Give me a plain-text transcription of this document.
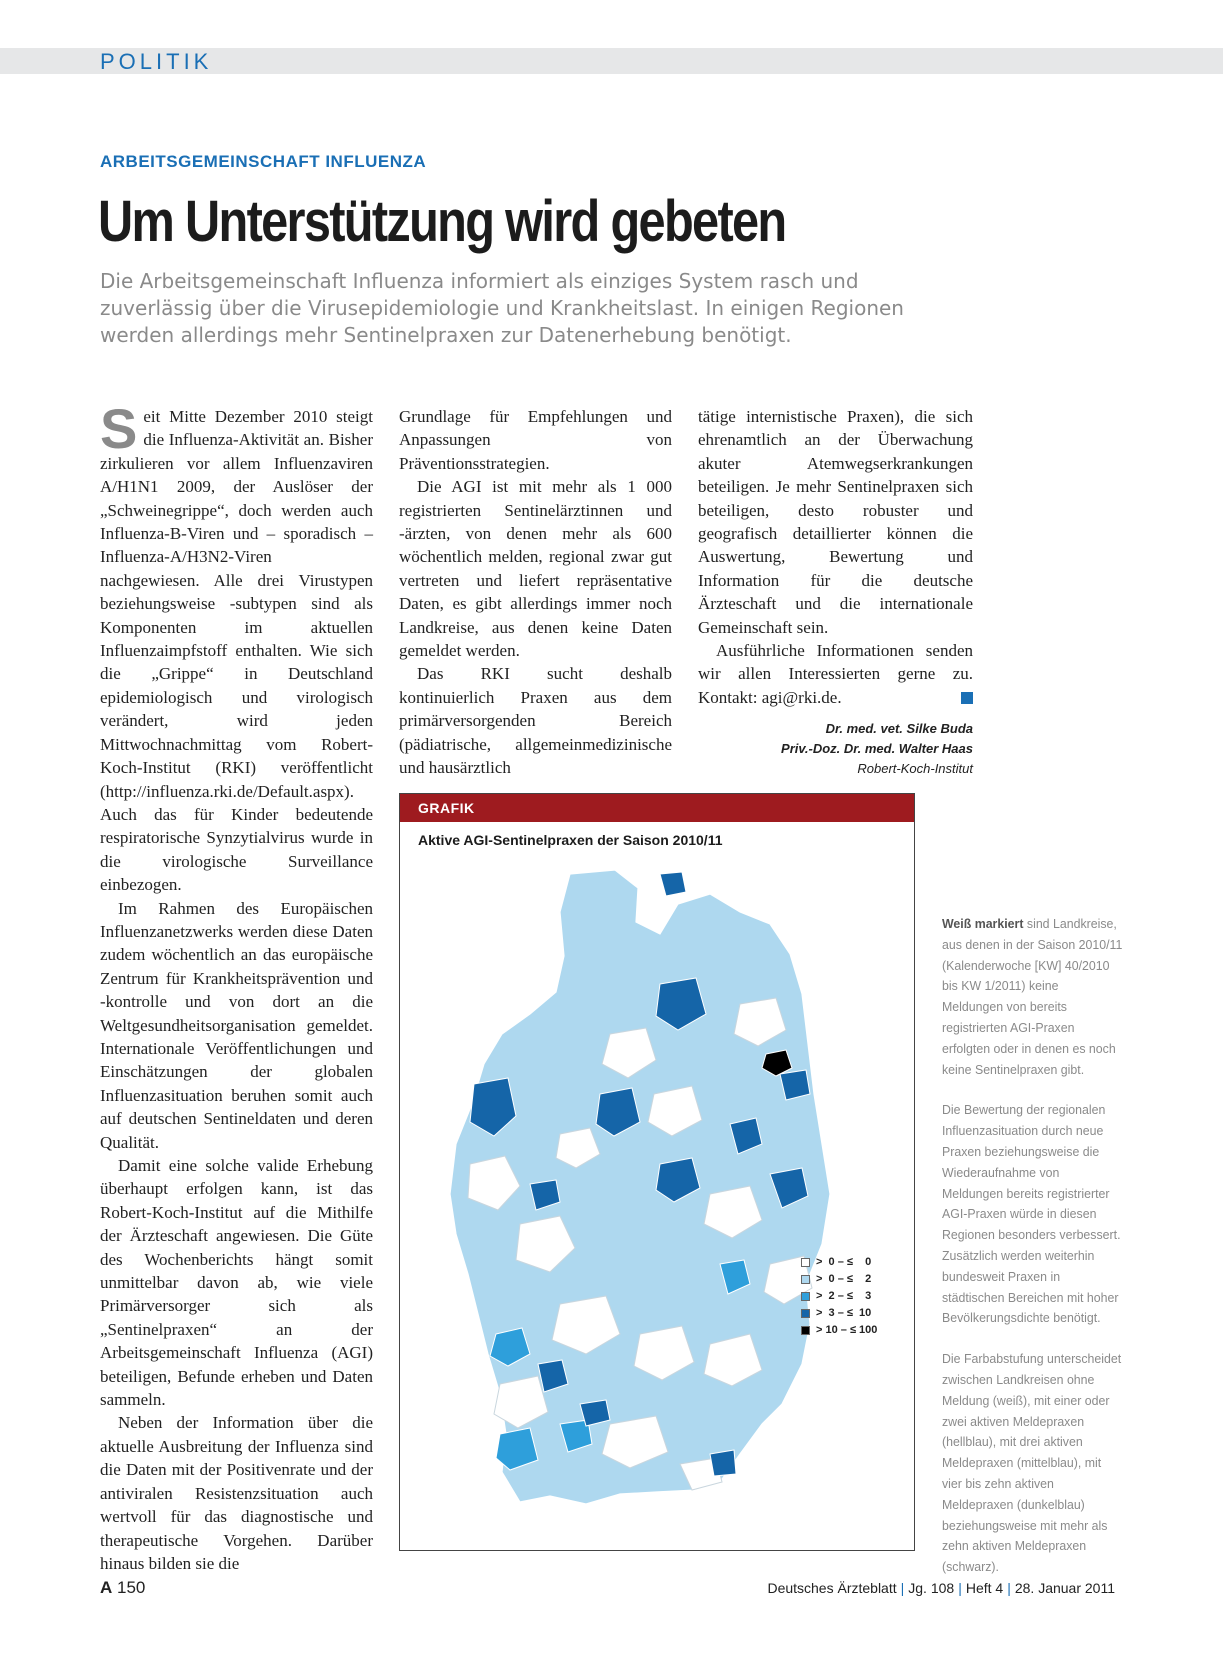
POLITIK
ARBEITSGEMEINSCHAFT INFLUENZA
Um Unterstützung wird gebeten
Die Arbeitsgemeinschaft Influenza informiert als einziges System rasch und zuverlässig über die Virusepidemiologie und Krankheitslast. In einigen Regionen werden allerdings mehr Sentinelpraxen zur Datenerhebung benötigt.
S eit Mitte Dezember 2010 steigt die Influenza-Aktivität an. Bisher zirkulieren vor allem Influenzaviren A/H1N1 2009, der Auslöser der „Schweinegrippe“, doch werden auch Influenza-B-Viren und – sporadisch – Influenza-A/H3N2-Viren nachgewiesen. Alle drei Virustypen beziehungsweise -subtypen sind als Komponenten im aktuellen Influenzaimpfstoff enthalten. Wie sich die „Grippe“ in Deutschland epidemiologisch und virologisch verändert, wird jeden Mittwochnachmittag vom Robert-Koch-Institut (RKI) veröffentlicht (http://influenza.rki.de/Default.aspx). Auch das für Kinder bedeutende respiratorische Synzytialvirus wurde in die virologische Surveillance einbezogen.

Im Rahmen des Europäischen Influenzanetzwerks werden diese Daten zudem wöchentlich an das europäische Zentrum für Krankheitsprävention und -kontrolle und von dort an die Weltgesundheitsorganisation gemeldet. Internationale Veröffentlichungen und Einschätzungen der globalen Influenzasituation beruhen somit auch auf deutschen Sentineldaten und deren Qualität.

Damit eine solche valide Erhebung überhaupt erfolgen kann, ist das Robert-Koch-Institut auf die Mithilfe der Ärzteschaft angewiesen. Die Güte des Wochenberichts hängt somit unmittelbar davon ab, wie viele Primärversorger sich als „Sentinelpraxen“ an der Arbeitsgemeinschaft Influenza (AGI) beteiligen, Befunde erheben und Daten sammeln.

Neben der Information über die aktuelle Ausbreitung der Influenza sind die Daten mit der Positivenrate und der antiviralen Resistenzsituation auch wertvoll für das diagnostische und therapeutische Vorgehen. Darüber hinaus bilden sie die

Grundlage für Empfehlungen und Anpassungen von Präventionsstrategien.

Die AGI ist mit mehr als 1 000 registrierten Sentinelärztinnen und -ärzten, von denen mehr als 600 wöchentlich melden, regional zwar gut vertreten und liefert repräsentative Daten, es gibt allerdings immer noch Landkreise, aus denen keine Daten gemeldet werden.

Das RKI sucht deshalb kontinuierlich Praxen aus dem primärversorgenden Bereich (pädiatrische, allgemeinmedizinische und hausärztlich

tätige internistische Praxen), die sich ehrenamtlich an der Überwachung akuter Atemwegserkrankungen beteiligen. Je mehr Sentinelpraxen sich beteiligen, desto robuster und geografisch detaillierter können die Auswertung, Bewertung und Information für die deutsche Ärzteschaft und die internationale Gemeinschaft sein.

Ausführliche Informationen senden wir allen Interessierten gerne zu. Kontakt: agi@rki.de.

Dr. med. vet. Silke Buda
Priv.-Doz. Dr. med. Walter Haas
Robert-Koch-Institut
GRAFIK
Aktive AGI-Sentinelpraxen der Saison 2010/11
>  0 – ≤    0
>  0 – ≤    2
>  2 – ≤    3
>  3 – ≤  10
> 10 – ≤ 100

Weiß markiert sind Landkreise, aus denen in der Saison 2010/11 (Kalenderwoche [KW] 40/2010 bis KW 1/2011) keine Meldungen von bereits registrierten AGI-Praxen erfolgten oder in denen es noch keine Sentinelpraxen gibt.

Die Bewertung der regionalen Influenzasituation durch neue Praxen beziehungsweise die Wiederaufnahme von Meldungen bereits registrierter AGI-Praxen würde in diesen Regionen besonders verbessert. Zusätzlich werden weiterhin bundesweit Praxen in städtischen Bereichen mit hoher Bevölkerungsdichte benötigt.

Die Farbabstufung unterscheidet zwischen Landkreisen ohne Meldung (weiß), mit einer oder zwei aktiven Meldepraxen (hellblau), mit drei aktiven Meldepraxen (mittelblau), mit vier bis zehn aktiven Meldepraxen (dunkelblau) beziehungsweise mit mehr als zehn aktiven Meldepraxen (schwarz).

A 150	Deutsches Ärzteblatt | Jg. 108 | Heft 4 | 28. Januar 2011
